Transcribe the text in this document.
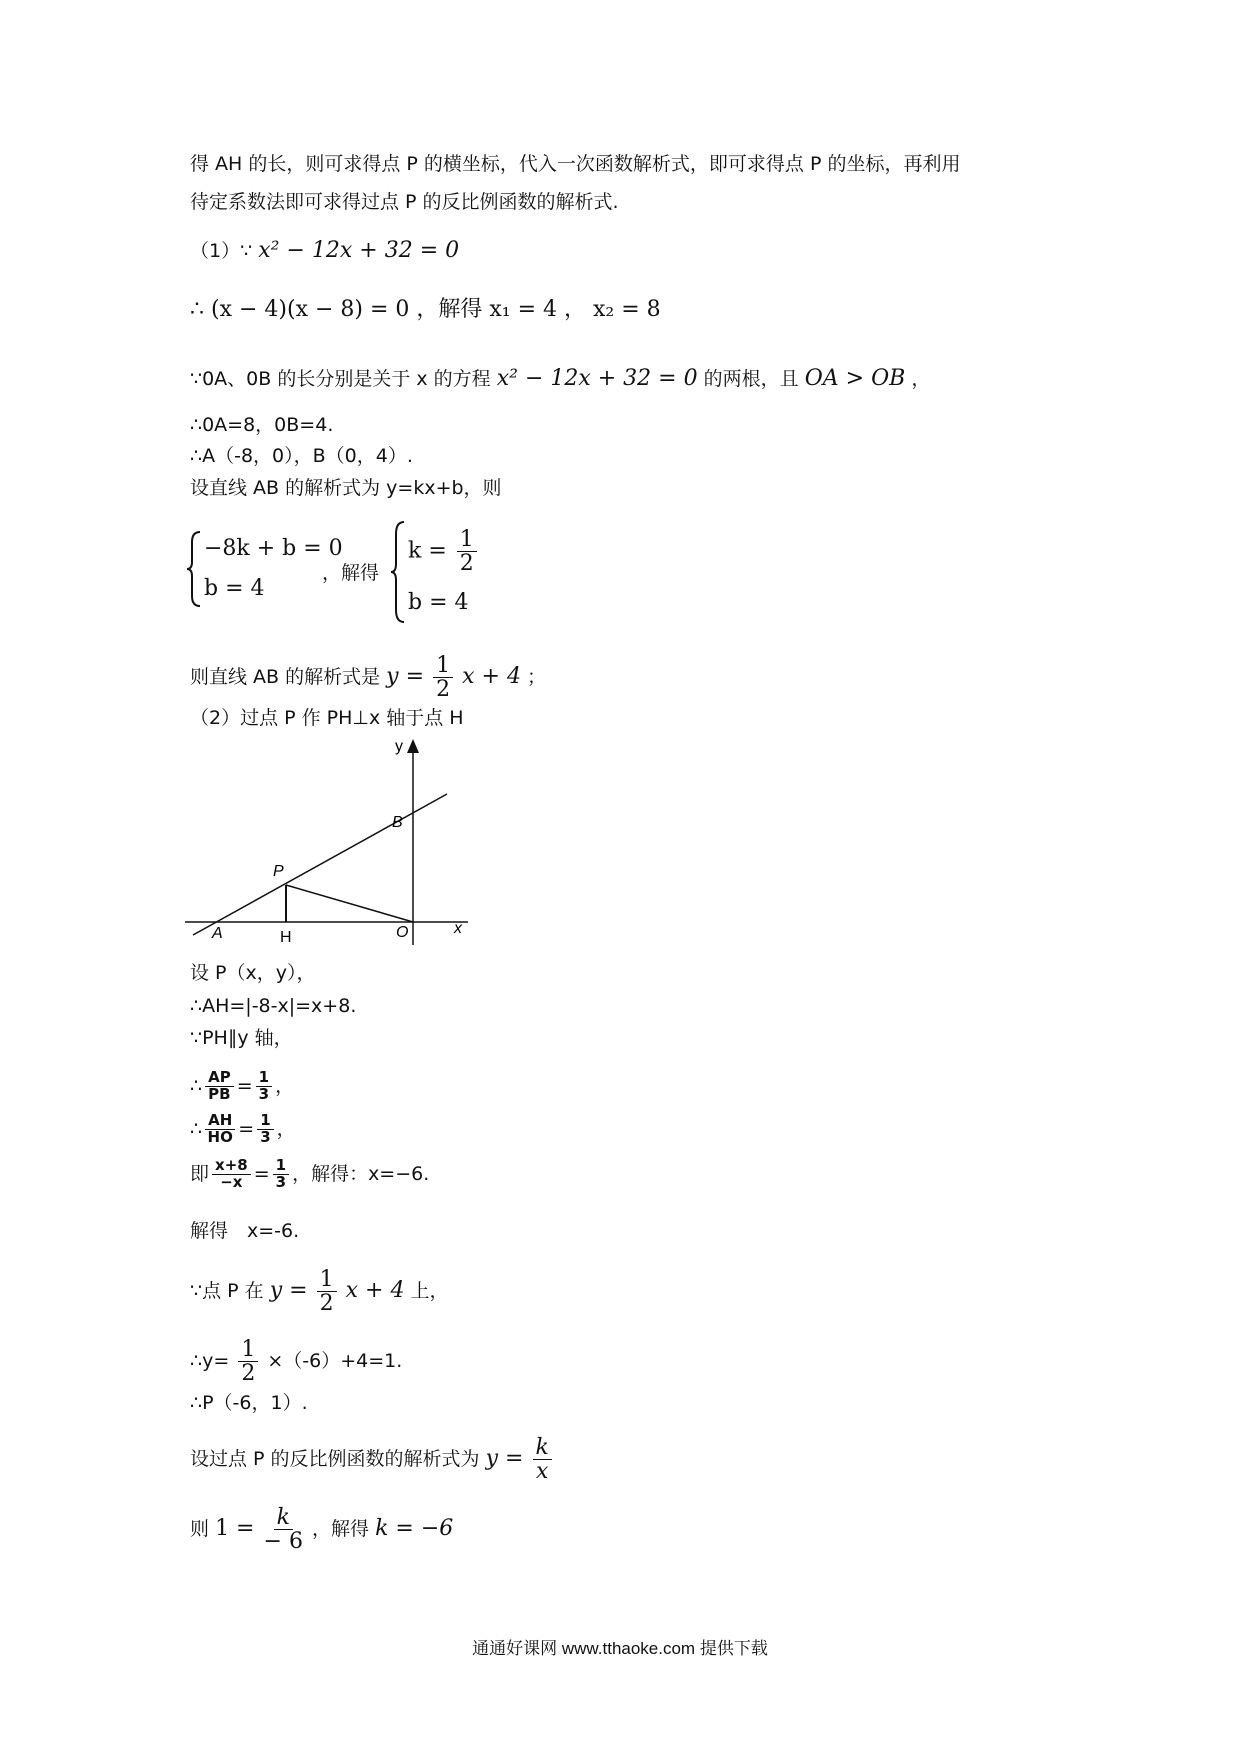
得 AH 的长，则可求得点 P 的横坐标，代入一次函数解析式，即可求得点 P 的坐标，再利用
待定系数法即可求得过点 P 的反比例函数的解析式.
（1）∵ x² − 12x + 32 = 0
∴ (x − 4)(x − 8) = 0 ，解得 x₁ = 4 ， x₂ = 8
∵0A、0B 的长分别是关于 x 的方程 x² − 12x + 32 = 0 的两根，且 OA > OB ，
∴0A=8，0B=4.
∴A（-8，0），B（0，4）.
设直线 AB 的解析式为 y=kx+b，则
−8k + b = 0
b = 4
，解得
$k = \frac{1}{2}$
b = 4
则直线 AB 的解析式是 $y = \frac{1}{2}$ x + 4 ；
（2）过点 P 作 PH⊥x 轴于点 H
y
x
B
P
A	H	O
设 P（x，y），
∴AH=|-8-x|=x+8.
∵PH∥y 轴，
∴ $\frac{AP}{PB} = \frac{1}{3}$ ，
∴ $\frac{AH}{HO} = \frac{1}{3}$ ，
即 $\frac{x+8}{-x} = \frac{1}{3}$ ，解得：x=−6.
解得　x=-6.
∵点 P 在 $y = \frac{1}{2}$ x + 4 上，
∴y= $\frac{1}{2} \times(-6)+4=1$.
∴P（-6，1）.
设过点 P 的反比例函数的解析式为 $y = \frac{k}{x}$
则 $1 = \frac{k}{- 6}$ ，解得 k = −6
通通好课网 www.tthaoke.com 提供下载
